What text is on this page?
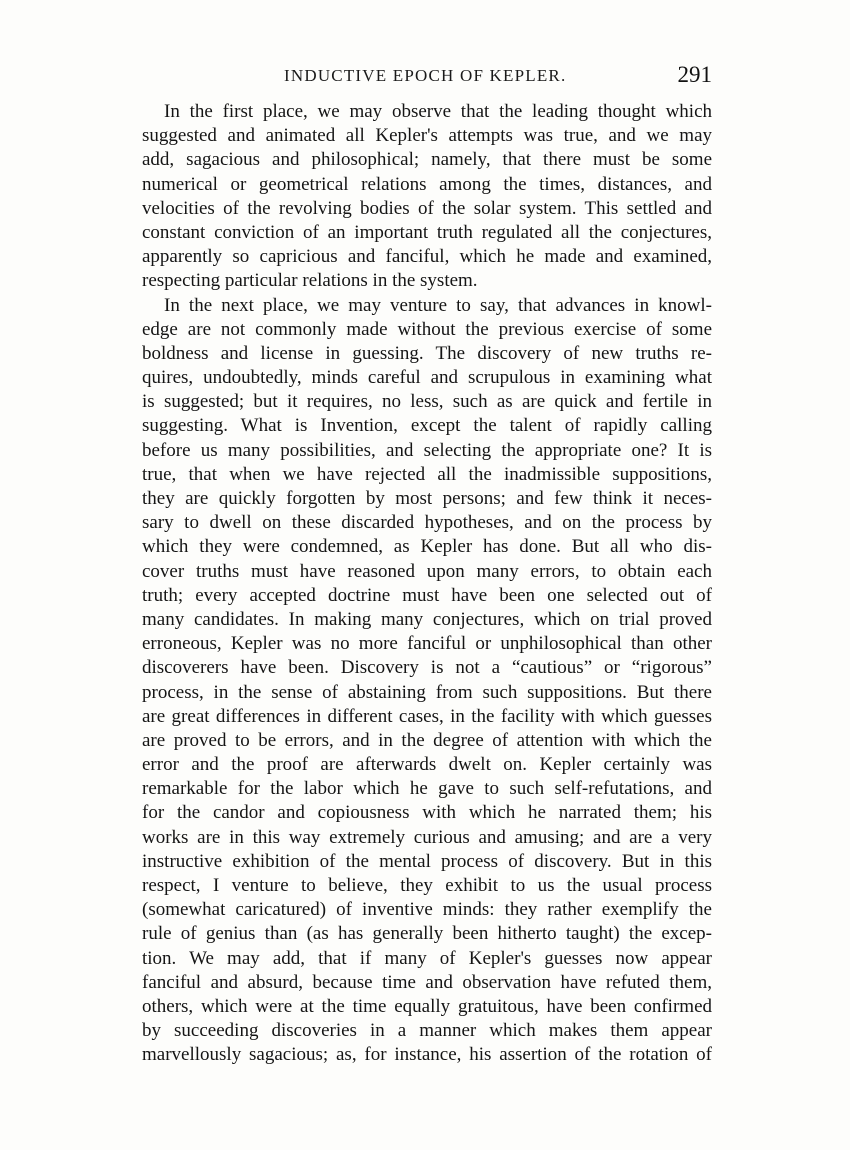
INDUCTIVE EPOCH OF KEPLER.	291
In the first place, we may observe that the leading thought which
suggested and animated all Kepler's attempts was true, and we may
add, sagacious and philosophical; namely, that there must be some
numerical or geometrical relations among the times, distances, and
velocities of the revolving bodies of the solar system. This settled and
constant conviction of an important truth regulated all the conjectures,
apparently so capricious and fanciful, which he made and examined,
respecting particular relations in the system.
In the next place, we may venture to say, that advances in knowl-
edge are not commonly made without the previous exercise of some
boldness and license in guessing. The discovery of new truths re-
quires, undoubtedly, minds careful and scrupulous in examining what
is suggested; but it requires, no less, such as are quick and fertile in
suggesting. What is Invention, except the talent of rapidly calling
before us many possibilities, and selecting the appropriate one? It is
true, that when we have rejected all the inadmissible suppositions,
they are quickly forgotten by most persons; and few think it neces-
sary to dwell on these discarded hypotheses, and on the process by
which they were condemned, as Kepler has done. But all who dis-
cover truths must have reasoned upon many errors, to obtain each
truth; every accepted doctrine must have been one selected out of
many candidates. In making many conjectures, which on trial proved
erroneous, Kepler was no more fanciful or unphilosophical than other
discoverers have been. Discovery is not a “cautious” or “rigorous”
process, in the sense of abstaining from such suppositions. But there
are great differences in different cases, in the facility with which guesses
are proved to be errors, and in the degree of attention with which the
error and the proof are afterwards dwelt on. Kepler certainly was
remarkable for the labor which he gave to such self-refutations, and
for the candor and copiousness with which he narrated them; his
works are in this way extremely curious and amusing; and are a very
instructive exhibition of the mental process of discovery. But in this
respect, I venture to believe, they exhibit to us the usual process
(somewhat caricatured) of inventive minds: they rather exemplify the
rule of genius than (as has generally been hitherto taught) the excep-
tion. We may add, that if many of Kepler's guesses now appear
fanciful and absurd, because time and observation have refuted them,
others, which were at the time equally gratuitous, have been confirmed
by succeeding discoveries in a manner which makes them appear
marvellously sagacious; as, for instance, his assertion of the rotation of
